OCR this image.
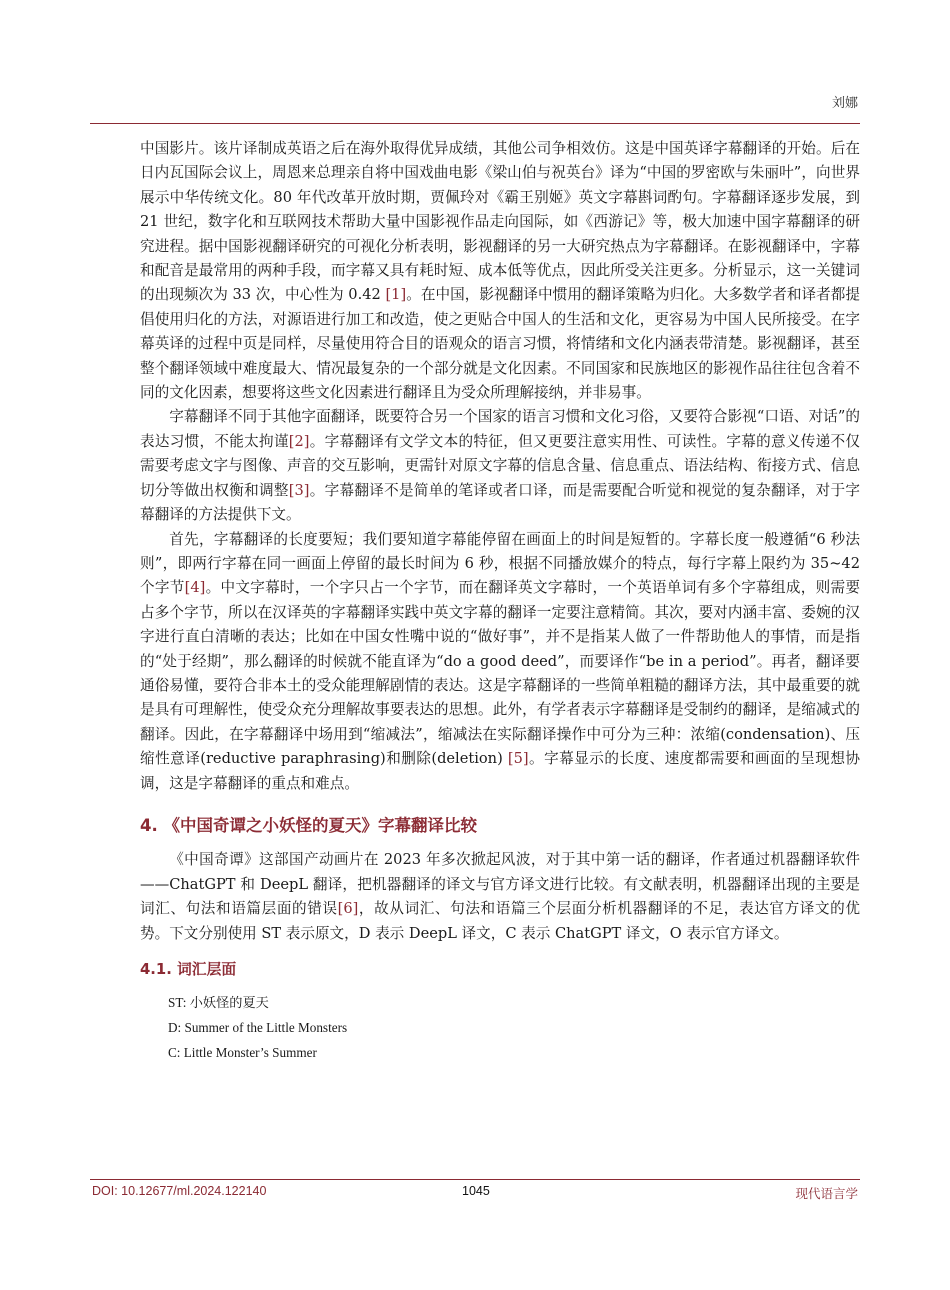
刘娜

中国影片。该片译制成英语之后在海外取得优异成绩，其他公司争相效仿。这是中国英译字幕翻译的开始。后在日内瓦国际会议上，周恩来总理亲自将中国戏曲电影《梁山伯与祝英台》译为“中国的罗密欧与朱丽叶”，向世界展示中华传统文化。80 年代改革开放时期，贾佩玲对《霸王别姬》英文字幕斟词酌句。字幕翻译逐步发展，到 21 世纪，数字化和互联网技术帮助大量中国影视作品走向国际，如《西游记》等，极大加速中国字幕翻译的研究进程。据中国影视翻译研究的可视化分析表明，影视翻译的另一大研究热点为字幕翻译。在影视翻译中，字幕和配音是最常用的两种手段，而字幕又具有耗时短、成本低等优点，因此所受关注更多。分析显示，这一关键词的出现频次为 33 次，中心性为 0.42 [1]。在中国，影视翻译中惯用的翻译策略为归化。大多数学者和译者都提倡使用归化的方法，对源语进行加工和改造，使之更贴合中国人的生活和文化，更容易为中国人民所接受。在字幕英译的过程中页是同样，尽量使用符合目的语观众的语言习惯，将情绪和文化内涵表带清楚。影视翻译，甚至整个翻译领域中难度最大、情况最复杂的一个部分就是文化因素。不同国家和民族地区的影视作品往往包含着不同的文化因素，想要将这些文化因素进行翻译且为受众所理解接纳，并非易事。

字幕翻译不同于其他字面翻译，既要符合另一个国家的语言习惯和文化习俗，又要符合影视“口语、对话”的表达习惯，不能太拘谨[2]。字幕翻译有文学文本的特征，但又更要注意实用性、可读性。字幕的意义传递不仅需要考虑文字与图像、声音的交互影响，更需针对原文字幕的信息含量、信息重点、语法结构、衔接方式、信息切分等做出权衡和调整[3]。字幕翻译不是简单的笔译或者口译，而是需要配合听觉和视觉的复杂翻译，对于字幕翻译的方法提供下文。

首先，字幕翻译的长度要短；我们要知道字幕能停留在画面上的时间是短暂的。字幕长度一般遵循“6 秒法则”，即两行字幕在同一画面上停留的最长时间为 6 秒，根据不同播放媒介的特点，每行字幕上限约为 35~42 个字节[4]。中文字幕时，一个字只占一个字节，而在翻译英文字幕时，一个英语单词有多个字幕组成，则需要占多个字节，所以在汉译英的字幕翻译实践中英文字幕的翻译一定要注意精简。其次，要对内涵丰富、委婉的汉字进行直白清晰的表达；比如在中国女性嘴中说的“做好事”，并不是指某人做了一件帮助他人的事情，而是指的“处于经期”，那么翻译的时候就不能直译为“do a good deed”，而要译作“be in a period”。再者，翻译要通俗易懂，要符合非本土的受众能理解剧情的表达。这是字幕翻译的一些简单粗糙的翻译方法，其中最重要的就是具有可理解性，使受众充分理解故事要表达的思想。此外，有学者表示字幕翻译是受制约的翻译，是缩减式的翻译。因此，在字幕翻译中场用到“缩减法”，缩减法在实际翻译操作中可分为三种：浓缩(condensation)、压缩性意译(reductive paraphrasing)和删除(deletion) [5]。字幕显示的长度、速度都需要和画面的呈现想协调，这是字幕翻译的重点和难点。

4. 《中国奇谭之小妖怪的夏天》字幕翻译比较

《中国奇谭》这部国产动画片在 2023 年多次掀起风波，对于其中第一话的翻译，作者通过机器翻译软件——ChatGPT 和 DeepL 翻译，把机器翻译的译文与官方译文进行比较。有文献表明，机器翻译出现的主要是词汇、句法和语篇层面的错误[6]，故从词汇、句法和语篇三个层面分析机器翻译的不足，表达官方译文的优势。下文分别使用 ST 表示原文，D 表示 DeepL 译文，C 表示 ChatGPT 译文，O 表示官方译文。

4.1. 词汇层面
ST: 小妖怪的夏天
D: Summer of the Little Monsters
C: Little Monster’s Summer
DOI: 10.12677/ml.2024.122140	1045	现代语言学
